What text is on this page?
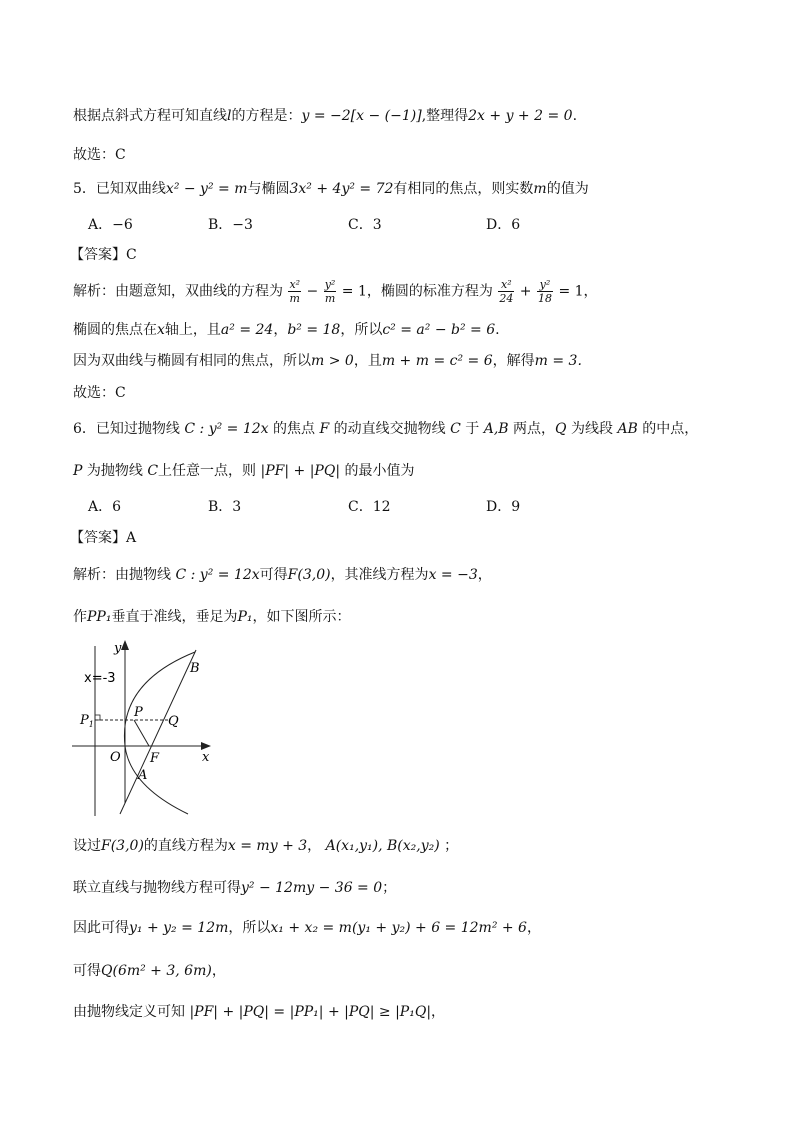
根据点斜式方程可知直线l的方程是：y = −2[x − (−1)],整理得2x + y + 2 = 0.
故选：C
5．已知双曲线x² − y² = m与椭圆3x² + 4y² = 72有相同的焦点，则实数m的值为
A．−6	B．−3	C．3	D．6
【答案】C
解析：由题意知，双曲线的方程为 $\frac{\text{x²}}{m} - \frac{\text{y²}}{m} = 1$，椭圆的标准方程为 $\frac{\text{x²}}{24} + \frac{\text{y²}}{18} = 1$，
椭圆的焦点在x轴上，且a² = 24，b² = 18，所以c² = a² − b² = 6.
因为双曲线与椭圆有相同的焦点，所以m > 0，且m + m = c² = 6，解得m = 3.
故选：C
6．已知过抛物线 C : y² = 12x 的焦点 F 的动直线交抛物线 C 于 A,B 两点，Q 为线段 AB 的中点，
P 为抛物线 C上任意一点，则 |PF| + |PQ| 的最小值为
A．6	B．3	C．12	D．9
【答案】A
解析：由抛物线 C : y² = 12x可得F(3,0)，其准线方程为x = −3，
作PP₁垂直于准线，垂足为P₁，如下图所示：
y
x
x=-3
$P_1$
P
Q
O F
A
B
设过F(3,0)的直线方程为x = my + 3， A(x₁,y₁), B(x₂,y₂) ；
联立直线与抛物线方程可得y² − 12my − 36 = 0；
因此可得y₁ + y₂ = 12m，所以x₁ + x₂ = m(y₁ + y₂) + 6 = 12m² + 6，
可得Q(6m² + 3, 6m)，
由抛物线定义可知 |PF| + |PQ| = |PP₁| + |PQ| ≥ |P₁Q|，
